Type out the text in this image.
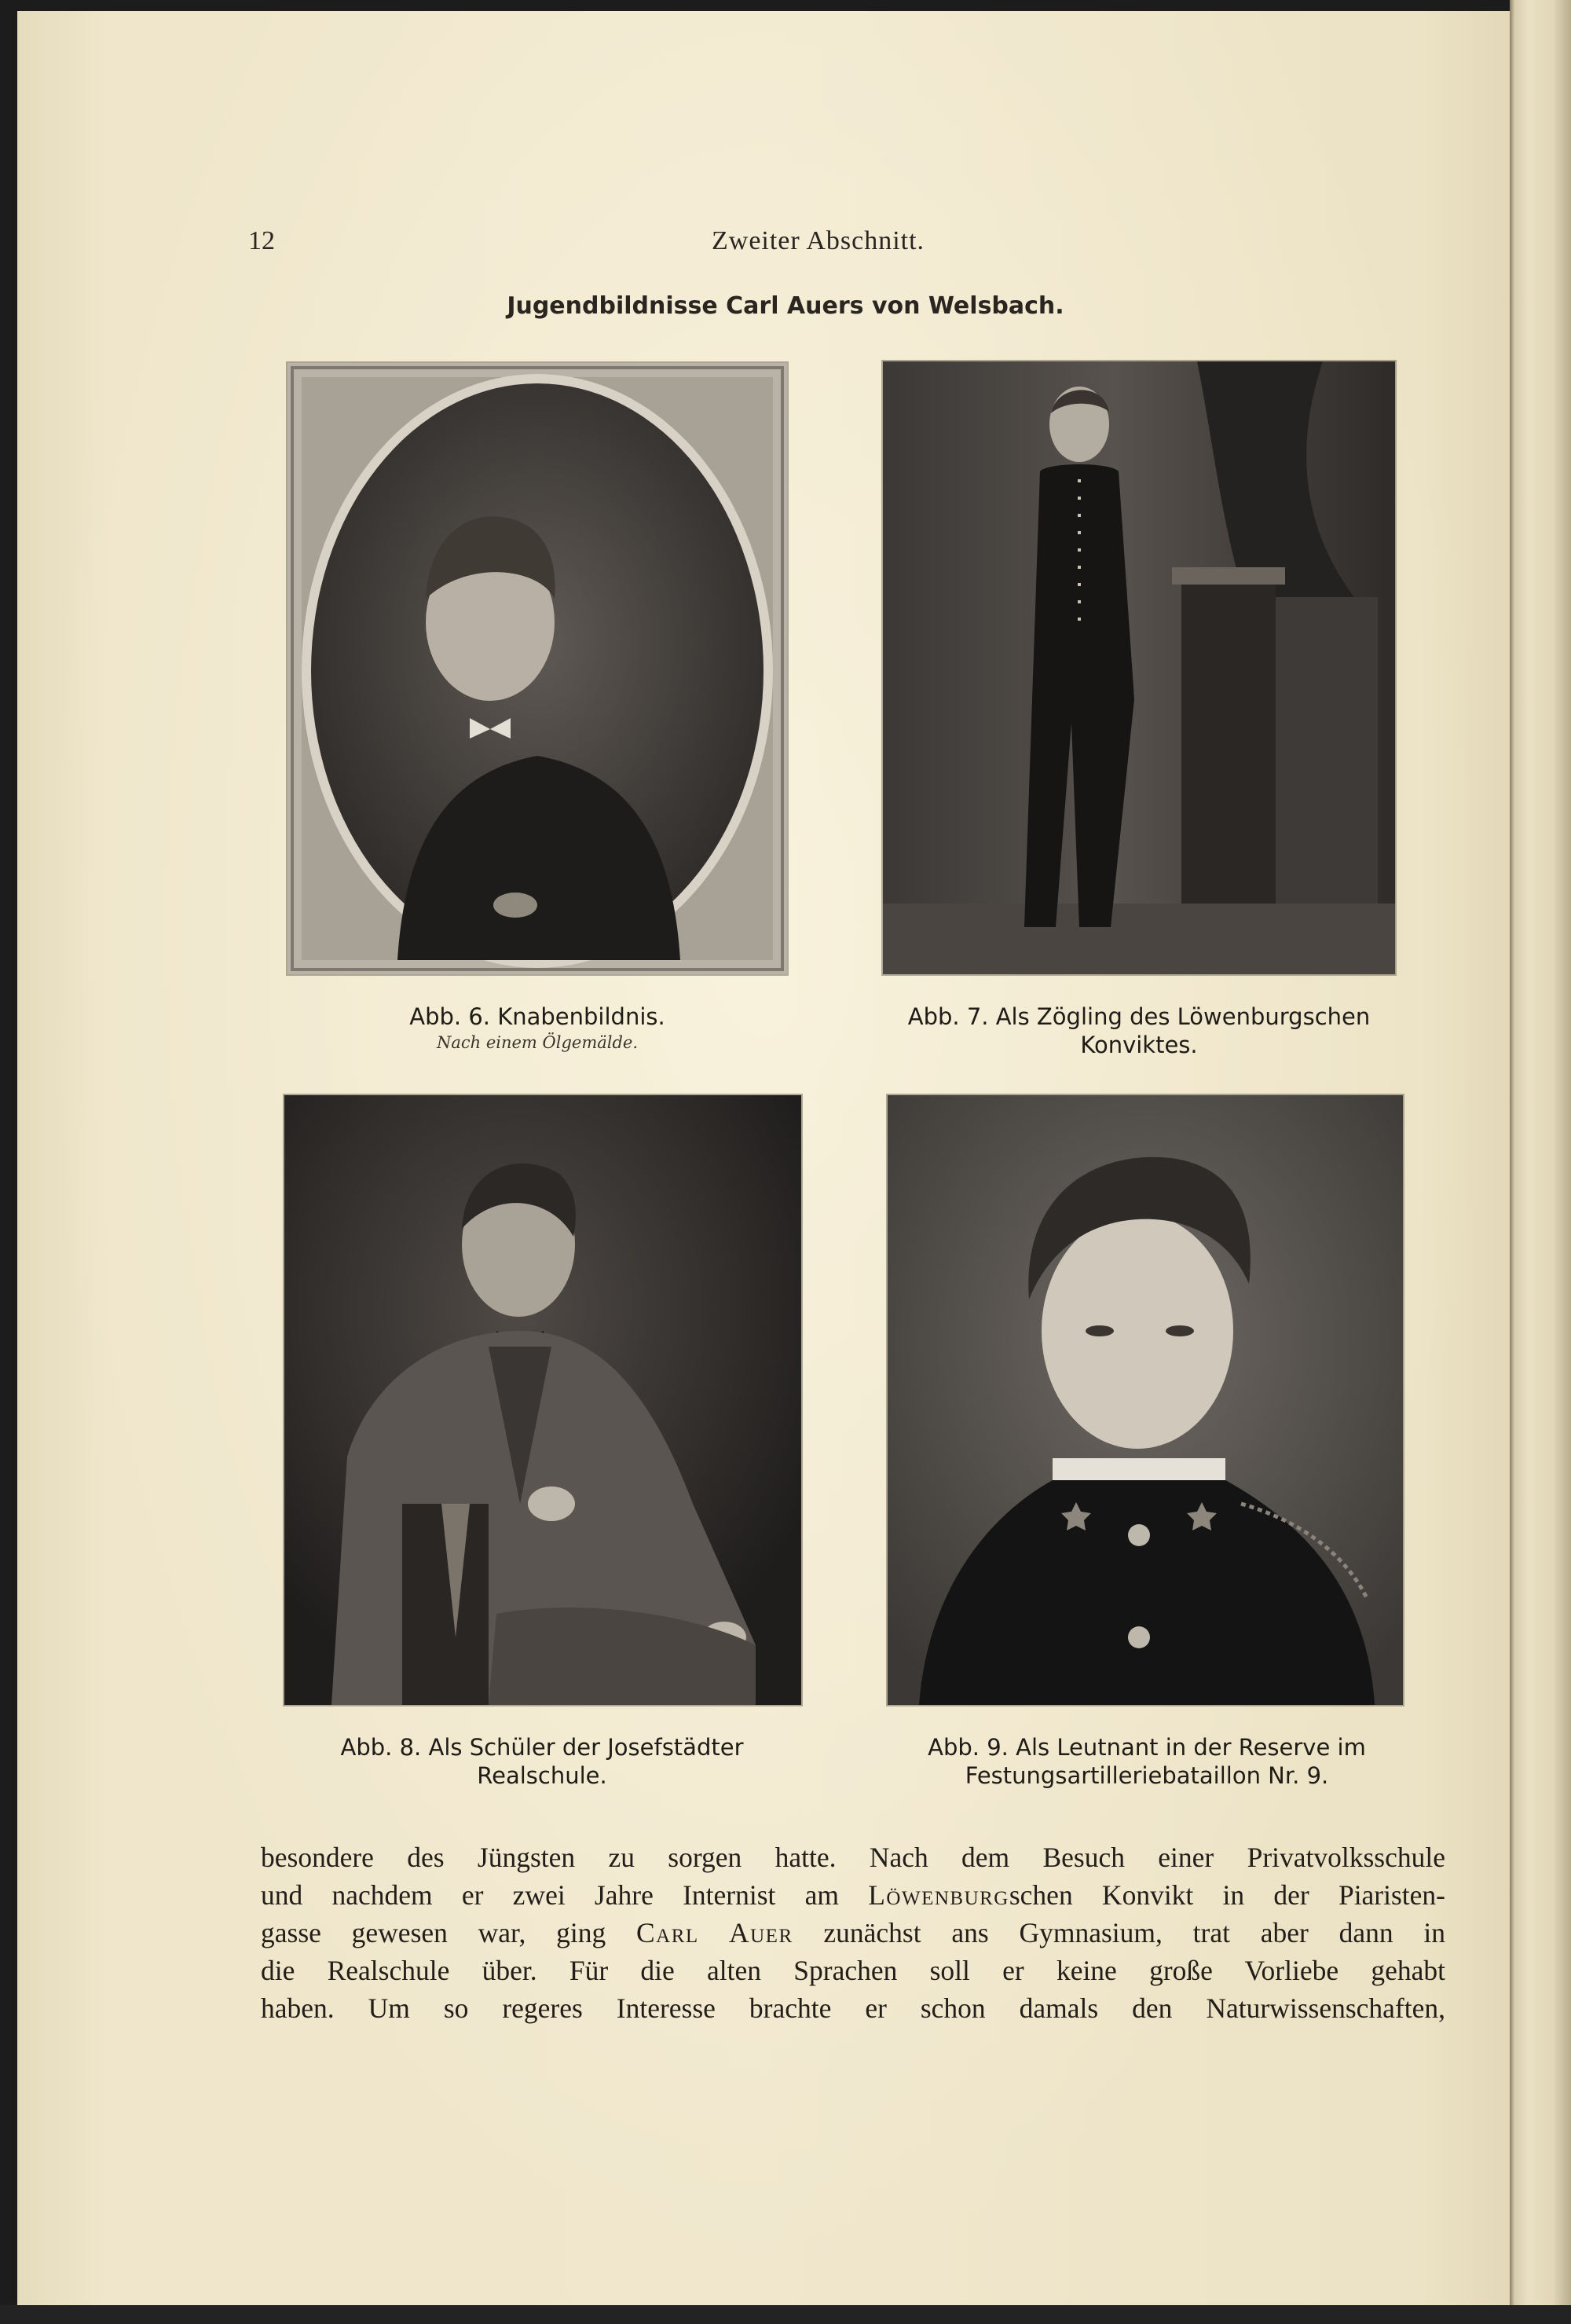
12	Zweiter Abschnitt.
Jugendbildnisse Carl Auers von Welsbach.
Abb. 6. Knabenbildnis.
Nach einem Ölgemälde.
Abb. 7. Als Zögling des Löwenburgschen
Konviktes.
Abb. 8. Als Schüler der Josefstädter
Realschule.
Abb. 9. Als Leutnant in der Reserve im
Festungsartilleriebataillon Nr. 9.
besondere des Jüngsten zu sorgen hatte. Nach dem Besuch einer Privatvolksschule
und nachdem er zwei Jahre Internist am Löwenburgschen Konvikt in der Piaristen-
gasse gewesen war, ging Carl Auer zunächst ans Gymnasium, trat aber dann in
die Realschule über. Für die alten Sprachen soll er keine große Vorliebe gehabt
haben. Um so regeres Interesse brachte er schon damals den Naturwissenschaften,
